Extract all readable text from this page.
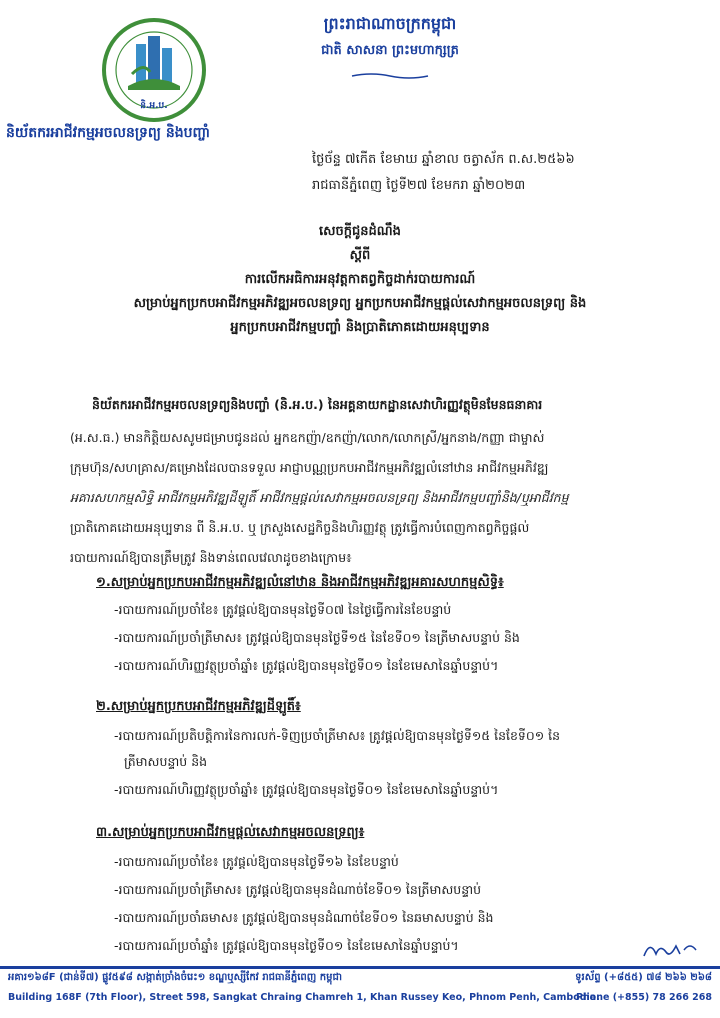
និ.អ.ប.
និយ័តករអាជីវកម្មអចលនទ្រព្យ និងបញ្ចាំ
ព្រះរាជាណាចក្រកម្ពុជា
ជាតិ សាសនា ព្រះមហាក្សត្រ
ថ្ងៃ​ច័ន្ទ ៧កើត ខែមាឃ ឆ្នាំខាល ចត្វាស័ក ព.ស.២៥៦៦
រាជធានីភ្នំពេញ ថ្ងៃទី២៧ ខែមករា ឆ្នាំ២០២៣
សេចក្តីជូនដំណឹង
ស្តីពី
ការលើកអធិការអនុវត្តកាតព្វកិច្ចដាក់របាយការណ៍
សម្រាប់អ្នកប្រកបអាជីវកម្មអភិវឌ្ឍអចលនទ្រព្យ អ្នកប្រកបអាជីវកម្មផ្តល់សេវាកម្មអចលនទ្រព្យ និង
អ្នកប្រកបអាជីវកម្មបញ្ចាំ និងប្រាតិភោគដោយអនុប្បទាន
និយ័តករអាជីវកម្មអចលនទ្រព្យនិងបញ្ចាំ (និ.អ.ប.) នៃអគ្គនាយកដ្ឋានសេវាហិរញ្ញវត្ថុមិនមែនធនាគារ
(អ.ស.ធ.) មានកិត្តិយសសូមជម្រាបជូនដល់ អ្នកឧកញ៉ា/ឧកញ៉ា/លោក/លោកស្រី/អ្នកនាង/កញ្ញា ជាម្ចាស់
ក្រុមហ៊ុន/សហគ្រាស/គម្រោងដែលបានទទួល អាជ្ញាបណ្ណប្រកបអាជីវកម្មអភិវឌ្ឍលំនៅឋាន អាជីវកម្មអភិវឌ្ឍ
អគារសហកម្មសិទ្ធិ អាជីវកម្មអភិវឌ្ឍដីឡូតិ៍ អាជីវកម្មផ្តល់សេវាកម្មអចលនទ្រព្យ និងអាជីវកម្មបញ្ចាំនិង/ឬអាជីវកម្ម
ប្រាតិភោគដោយអនុប្បទាន ពី និ.អ.ប. ឬ ក្រសួងសេដ្ឋកិច្ចនិងហិរញ្ញវត្ថុ ត្រូវធ្វើការបំពេញកាតព្វកិច្ចផ្តល់
របាយការណ៍ឱ្យបានត្រឹមត្រូវ និងទាន់ពេលវេលាដូចខាងក្រោម៖
១.សម្រាប់អ្នកប្រកបអាជីវកម្មអភិវឌ្ឍលំនៅឋាន និងអាជីវកម្មអភិវឌ្ឍអគារសហកម្មសិទ្ធិ៖
-របាយការណ៍ប្រចាំខែ៖ ត្រូវផ្តល់ឱ្យបានមុនថ្ងៃទី០៧ នៃថ្ងៃធ្វើការនៃខែបន្ទាប់
-របាយការណ៍ប្រចាំត្រីមាស៖ ត្រូវផ្តល់ឱ្យបានមុនថ្ងៃទី១៥ នៃខែទី០១ នៃត្រីមាសបន្ទាប់ និង
-របាយការណ៍ហិរញ្ញវត្ថុប្រចាំឆ្នាំ៖ ត្រូវផ្តល់ឱ្យបានមុនថ្ងៃទី០១ នៃខែមេសានៃឆ្នាំបន្ទាប់។
២.សម្រាប់អ្នកប្រកបអាជីវកម្មអភិវឌ្ឍដីឡូតិ៍៖
-របាយការណ៍ប្រតិបត្តិការនៃការលក់-ទិញប្រចាំត្រីមាស៖ ត្រូវផ្តល់ឱ្យបានមុនថ្ងៃទី១៥ នៃខែទី០១ នៃ
ត្រីមាសបន្ទាប់ និង
-របាយការណ៍ហិរញ្ញវត្ថុប្រចាំឆ្នាំ៖ ត្រូវផ្តល់ឱ្យបានមុនថ្ងៃទី០១ នៃខែមេសានៃឆ្នាំបន្ទាប់។
៣.សម្រាប់អ្នកប្រកបអាជីវកម្មផ្តល់សេវាកម្មអចលនទ្រព្យ៖
-របាយការណ៍ប្រចាំខែ៖ ត្រូវផ្តល់ឱ្យបានមុនថ្ងៃទី១៦ នៃខែបន្ទាប់
-របាយការណ៍ប្រចាំត្រីមាស៖ ត្រូវផ្តល់ឱ្យបានមុនដំណាច់ខែទី០១ នៃត្រីមាសបន្ទាប់
-របាយការណ៍ប្រចាំឆមាស៖ ត្រូវផ្តល់ឱ្យបានមុនដំណាច់ខែទី០១ នៃឆមាសបន្ទាប់ និង
-របាយការណ៍ប្រចាំឆ្នាំ៖ ត្រូវផ្តល់ឱ្យបានមុនថ្ងៃទី០១ នៃខែមេសានៃឆ្នាំបន្ទាប់។
អគារ១៦៨F (ជាន់ទី៧) ផ្លូវ៥៩៨ សង្កាត់ច្រាំងចំរេះ១ ខណ្ឌឬស្សីកែវ រាជធានីភ្នំពេញ កម្ពុជា
Building 168F (7th Floor), Street 598, Sangkat Chraing Chamreh 1, Khan Russey Keo, Phnom Penh, Cambodia.
ទូរស័ព្ទ (+៨៥៥) ៧៨ ២៦៦ ២៦៨
Phone (+855) 78 266 268
